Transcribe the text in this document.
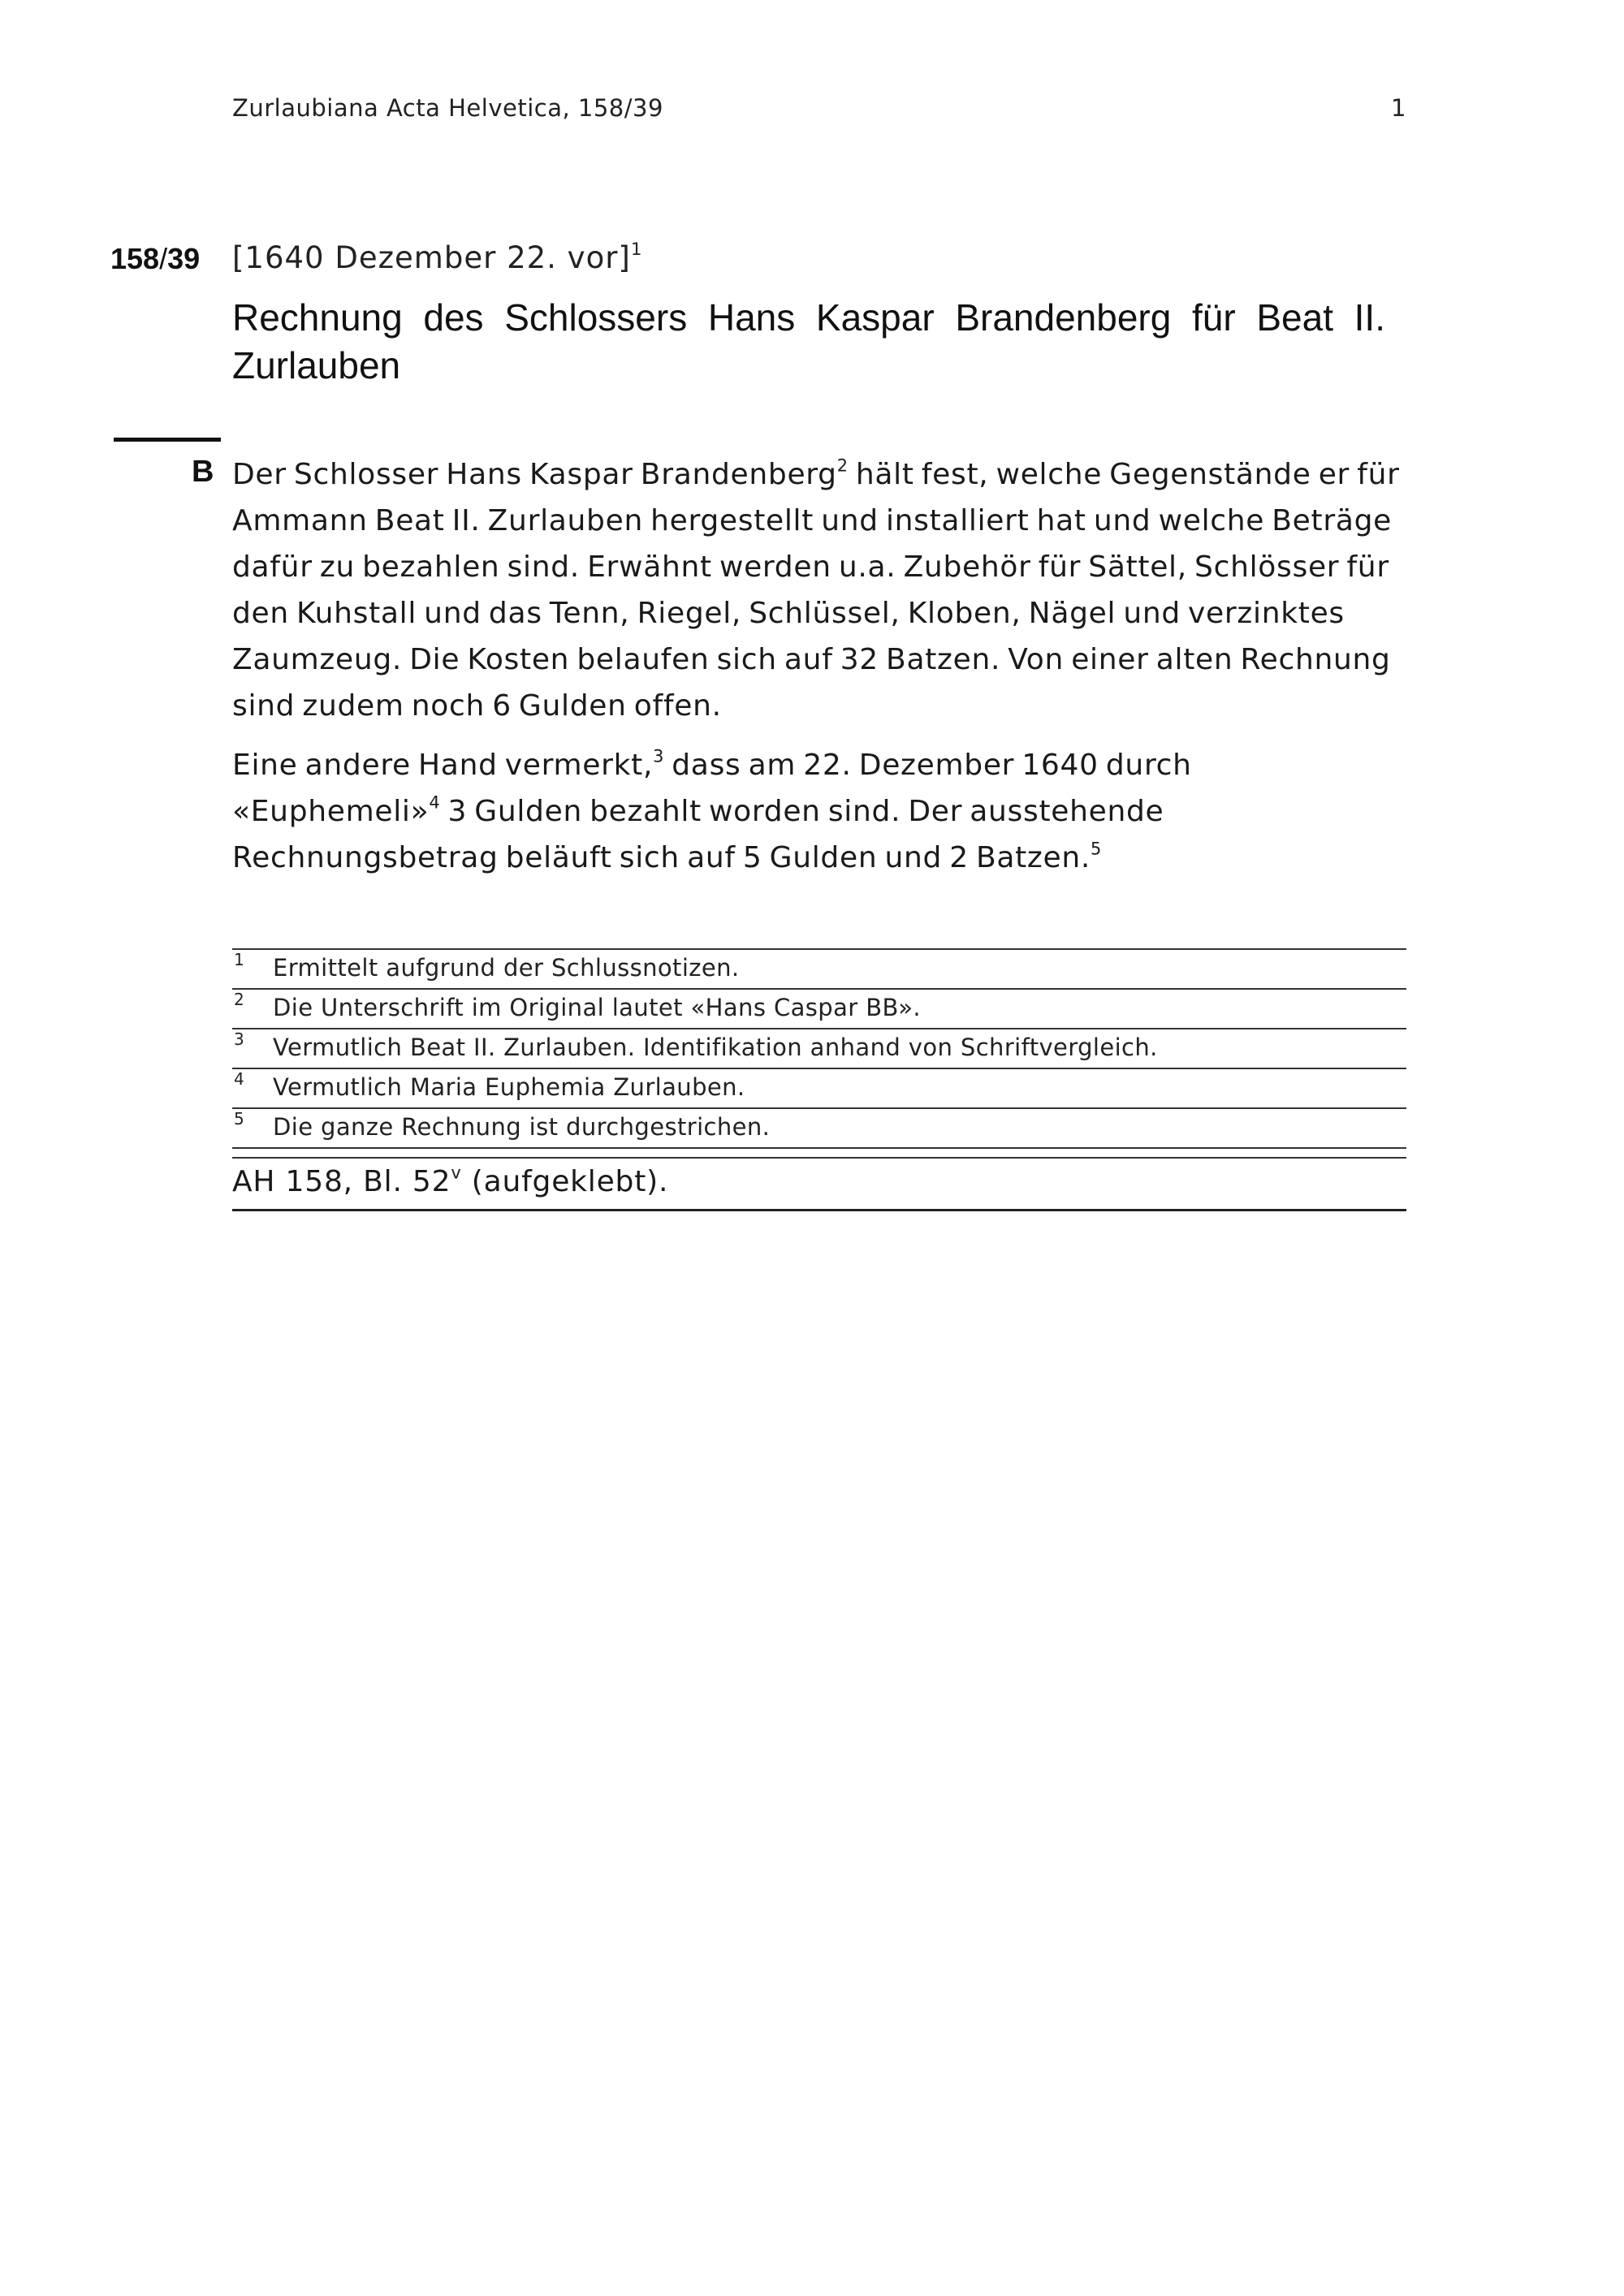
Zurlaubiana Acta Helvetica, 158/39	1
158/39 [1640 Dezember 22. vor]$^1$
Rechnung des Schlossers Hans Kaspar Brandenberg für Beat II. Zurlauben
B Der Schlosser Hans Kaspar Brandenberg$^2$ hält fest, welche Gegenstände er für Ammann Beat II. Zurlauben hergestellt und installiert hat und welche Beträge dafür zu bezahlen sind. Erwähnt werden u.a. Zubehör für Sättel, Schlösser für den Kuhstall und das Tenn, Riegel, Schlüssel, Kloben, Nägel und verzinktes Zaumzeug. Die Kosten belaufen sich auf 32 Batzen. Von einer alten Rechnung sind zudem noch 6 Gulden offen.

Eine andere Hand vermerkt,$^3$ dass am 22. Dezember 1640 durch «Euphemeli»$^4$ 3 Gulden bezahlt worden sind. Der ausstehende Rechnungsbetrag beläuft sich auf 5 Gulden und 2 Batzen.$^5$

1 Ermittelt aufgrund der Schlussnotizen.
2 Die Unterschrift im Original lautet «Hans Caspar BB».
3 Vermutlich Beat II. Zurlauben. Identifikation anhand von Schriftvergleich.
4 Vermutlich Maria Euphemia Zurlauben.
5 Die ganze Rechnung ist durchgestrichen.
AH 158, Bl. 52$^v$ (aufgeklebt).
